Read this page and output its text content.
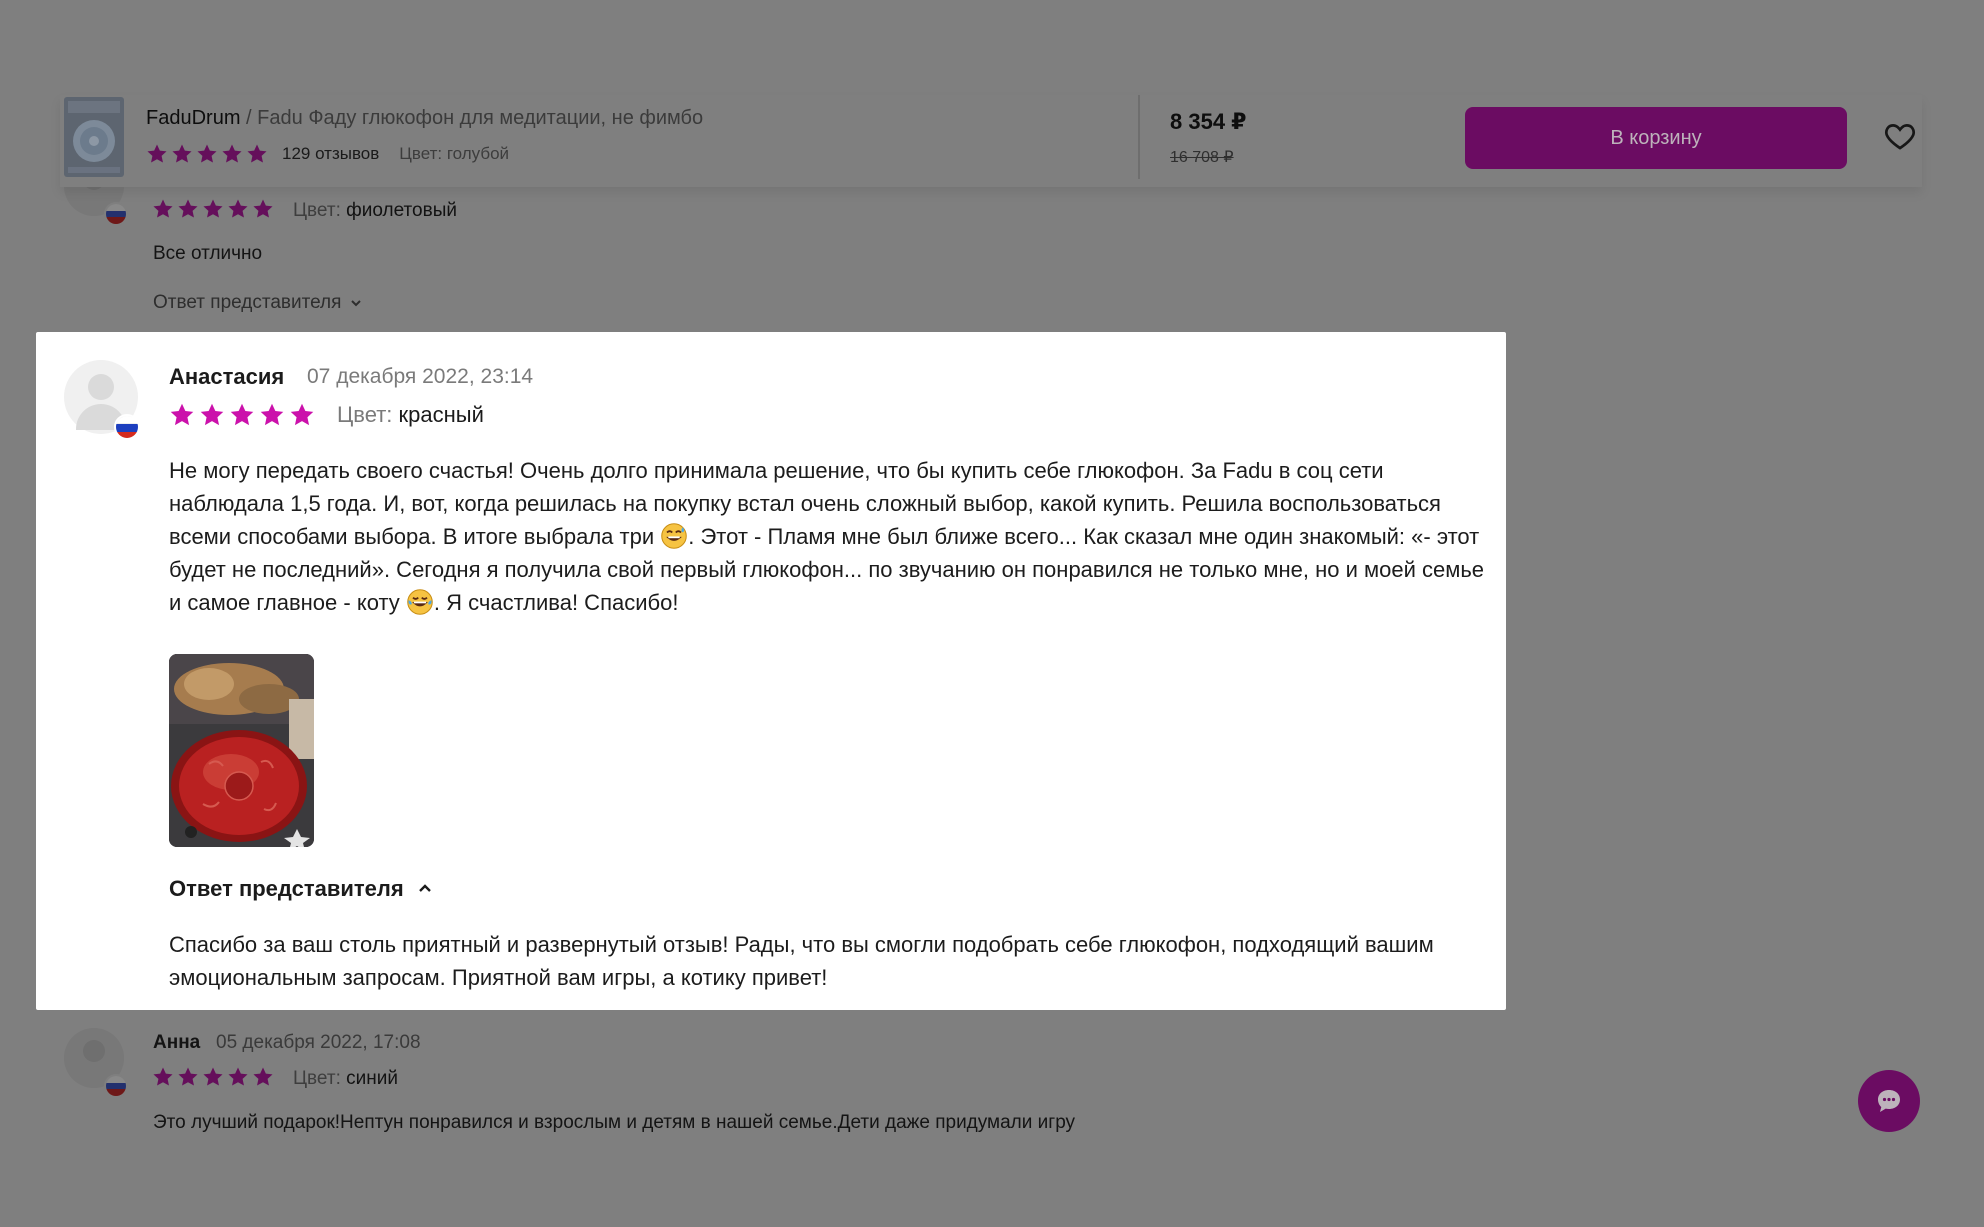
Цвет: фиолетовый
Все отлично
Ответ представителя
FaduDrum / Fadu Фаду глюкофон для медитации, не фимбо
129 отзывов Цвет: голубой
8 354 ₽
16 708 ₽
В корзину
Анастасия 07 декабря 2022, 23:14
Цвет: красный
Не могу передать своего счастья! Очень долго принимала решение, что бы купить себе глюкофон. За Fadu в соц сети наблюдала 1,5 года. И, вот, когда решилась на покупку встал очень сложный выбор, какой купить. Решила воспользоваться всеми способами выбора. В итоге выбрала три . Этот - Пламя мне был ближе всего... Как сказал мне один знакомый: «- этот будет не последний». Сегодня я получила свой первый глюкофон... по звучанию он понравился не только мне, но и моей семье и самое главное - коту . Я счастлива! Спасибо!
Ответ представителя
Спасибо за ваш столь приятный и развернутый отзыв! Рады, что вы смогли подобрать себе глюкофон, подходящий вашим эмоциональным запросам. Приятной вам игры, а котику привет!
Анна 05 декабря 2022, 17:08
Цвет: синий
Это лучший подарок!Нептун понравился и взрослым и детям в нашей семье.Дети даже придумали игру
